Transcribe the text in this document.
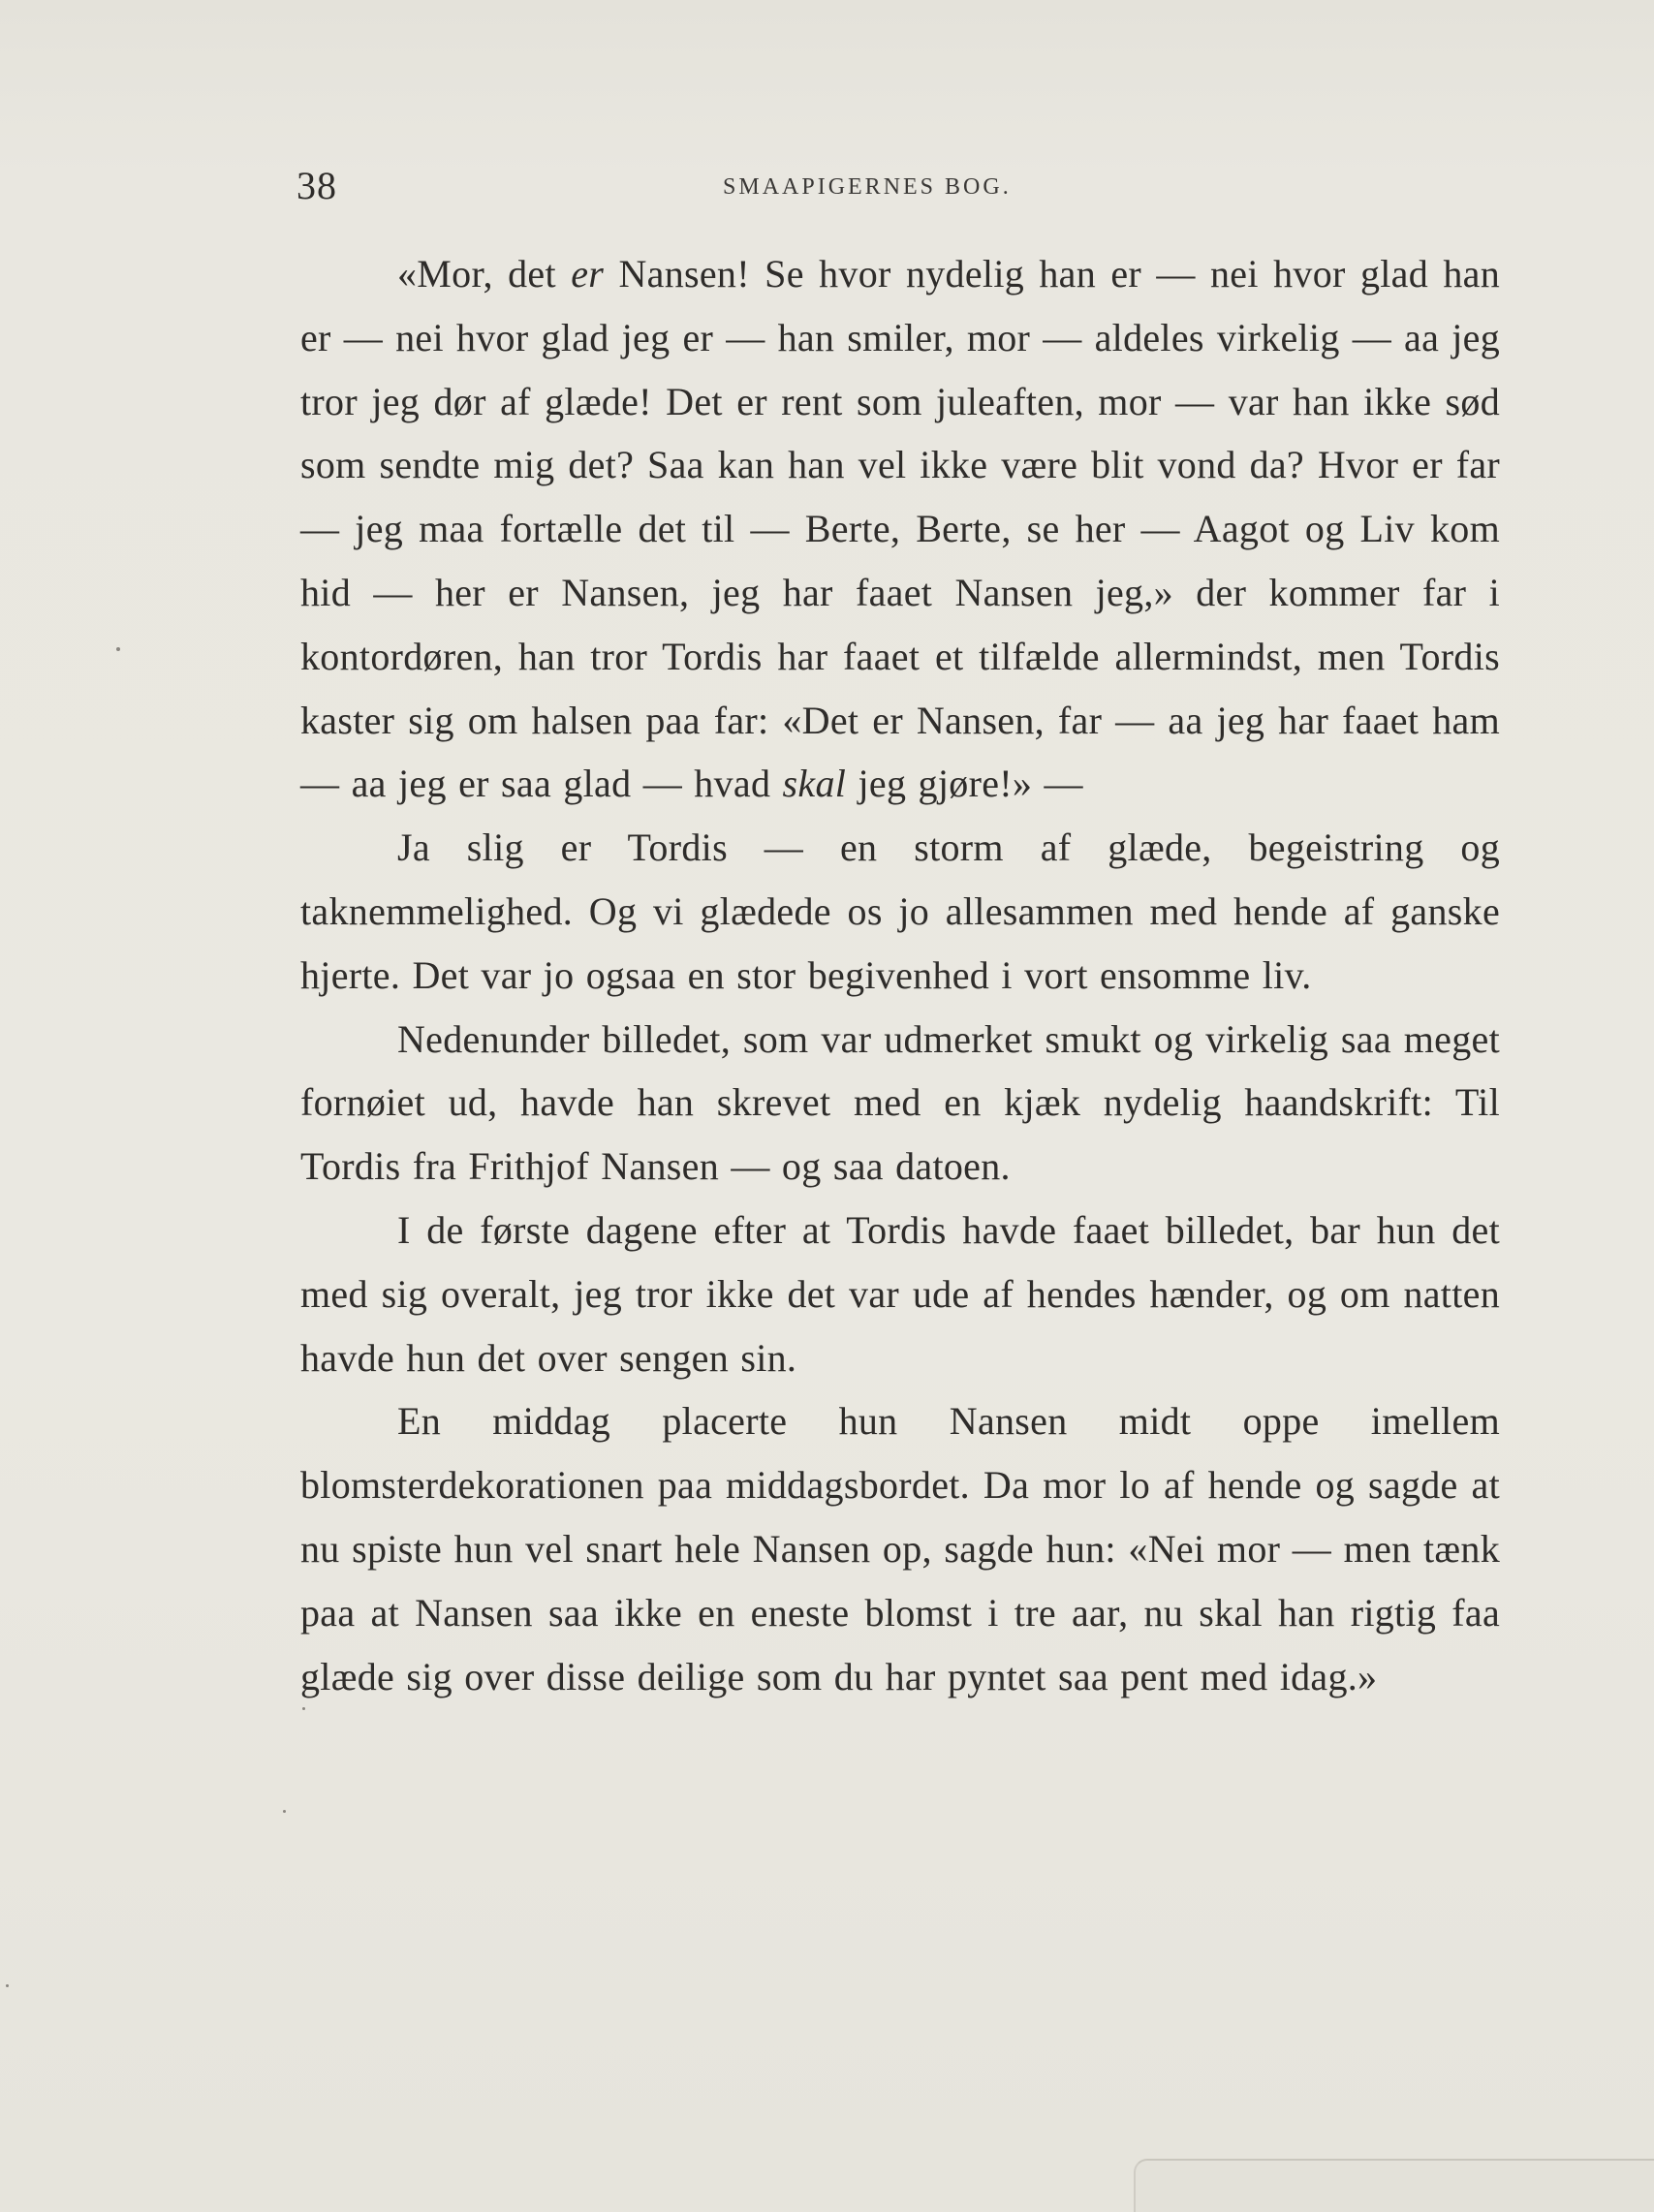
38	SMAAPIGERNES BOG.

«Mor, det er Nansen! Se hvor nydelig han er — nei hvor glad han er — nei hvor glad jeg er — han smiler, mor — aldeles virkelig — aa jeg tror jeg dør af glæde! Det er rent som juleaften, mor — var han ikke sød som sendte mig det? Saa kan han vel ikke være blit vond da? Hvor er far — jeg maa fortælle det til — Berte, Berte, se her — Aagot og Liv kom hid — her er Nansen, jeg har faaet Nansen jeg,» der kommer far i kontordøren, han tror Tordis har faaet et tilfælde allermindst, men Tordis kaster sig om halsen paa far: «Det er Nansen, far — aa jeg har faaet ham — aa jeg er saa glad — hvad skal jeg gjøre!» —

Ja slig er Tordis — en storm af glæde, begeistring og taknemmelighed. Og vi glædede os jo allesammen med hende af ganske hjerte. Det var jo ogsaa en stor begivenhed i vort ensomme liv.

Nedenunder billedet, som var udmerket smukt og virkelig saa meget fornøiet ud, havde han skrevet med en kjæk nydelig haandskrift: Til Tordis fra Frithjof Nansen — og saa datoen.

I de første dagene efter at Tordis havde faaet billedet, bar hun det med sig overalt, jeg tror ikke det var ude af hendes hænder, og om natten havde hun det over sengen sin.

En middag placerte hun Nansen midt oppe imellem blomsterdekorationen paa middagsbordet. Da mor lo af hende og sagde at nu spiste hun vel snart hele Nansen op, sagde hun: «Nei mor — men tænk paa at Nansen saa ikke en eneste blomst i tre aar, nu skal han rigtig faa glæde sig over disse deilige som du har pyntet saa pent med idag.»
